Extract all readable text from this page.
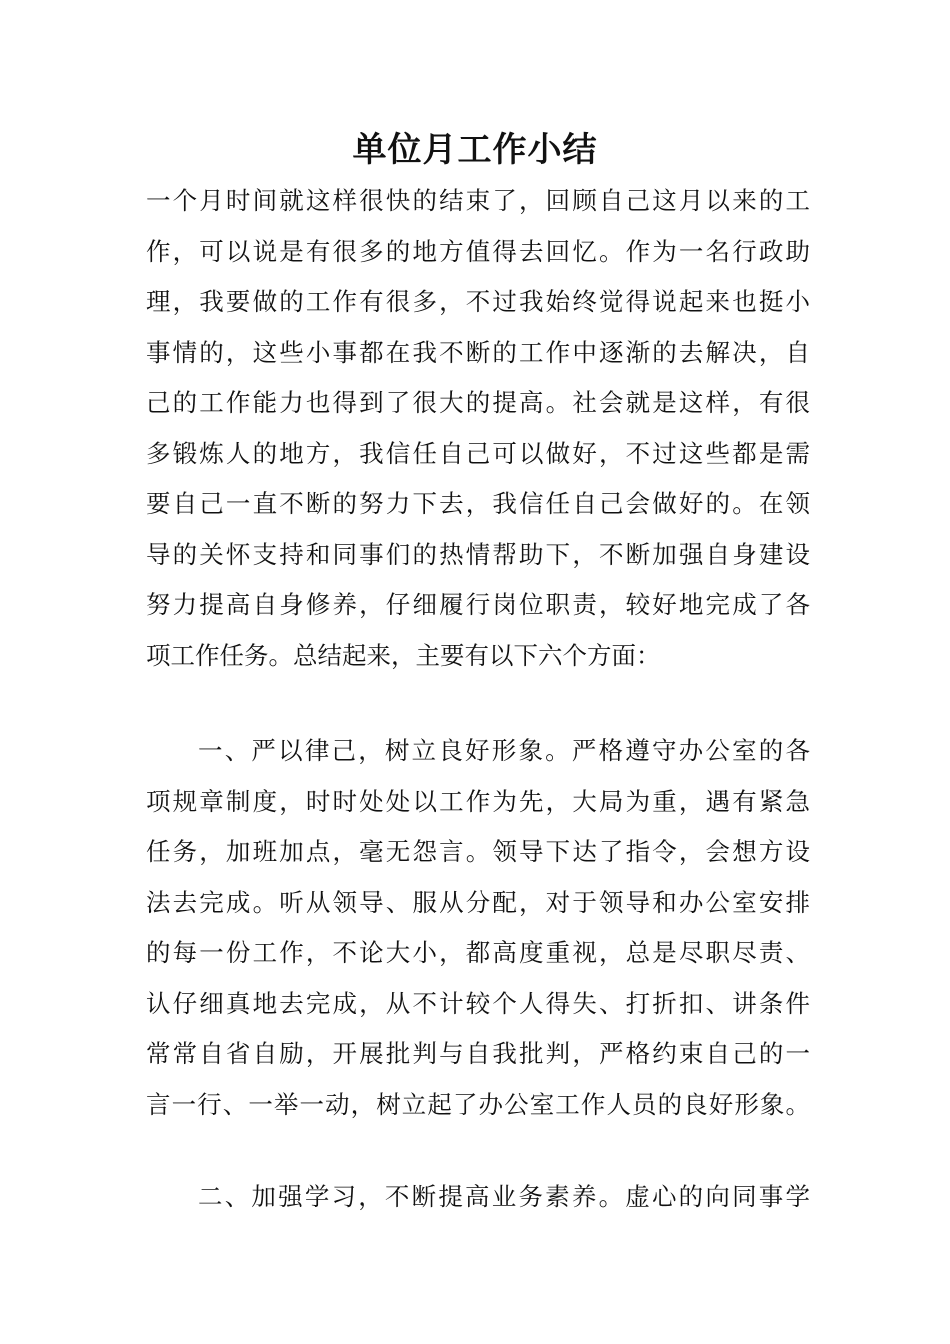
单位月工作小结
一个月时间就这样很快的结束了，回顾自己这月以来的工
作，可以说是有很多的地方值得去回忆。作为一名行政助
理，我要做的工作有很多，不过我始终觉得说起来也挺小
事情的，这些小事都在我不断的工作中逐渐的去解决，自
己的工作能力也得到了很大的提高。社会就是这样，有很
多锻炼人的地方，我信任自己可以做好，不过这些都是需
要自己一直不断的努力下去，我信任自己会做好的。在领
导的关怀支持和同事们的热情帮助下，不断加强自身建设
努力提高自身修养，仔细履行岗位职责，较好地完成了各
项工作任务。总结起来，主要有以下六个方面：
一、严以律己，树立良好形象。严格遵守办公室的各
项规章制度，时时处处以工作为先，大局为重，遇有紧急
任务，加班加点，毫无怨言。领导下达了指令，会想方设
法去完成。听从领导、服从分配，对于领导和办公室安排
的每一份工作，不论大小，都高度重视，总是尽职尽责、
认仔细真地去完成，从不计较个人得失、打折扣、讲条件
常常自省自励，开展批判与自我批判，严格约束自己的一
言一行、一举一动，树立起了办公室工作人员的良好形象。
二、加强学习，不断提高业务素养。虚心的向同事学
